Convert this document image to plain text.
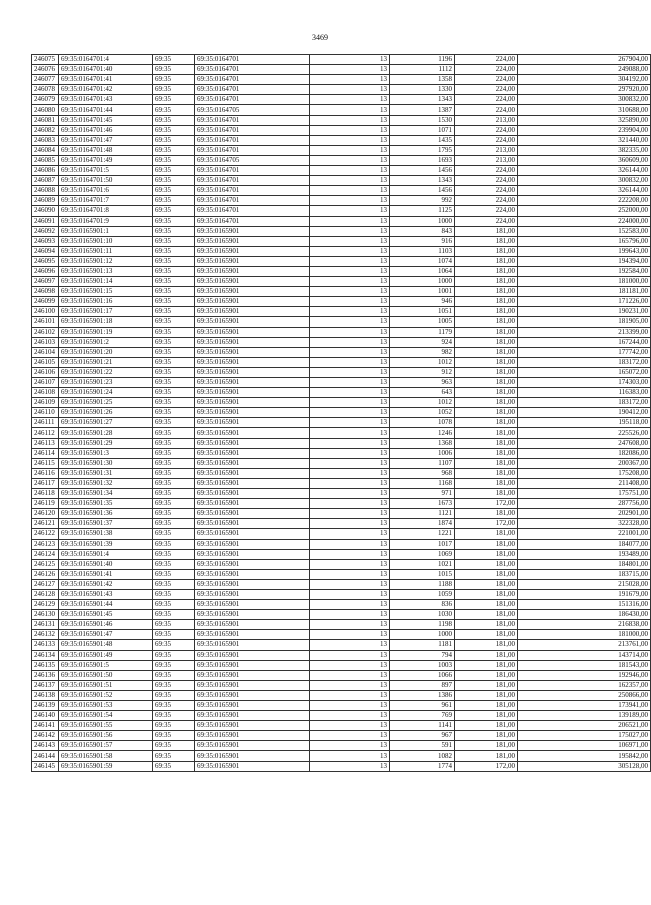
3469
246075	69:35:0164701:4	69:35	69:35:0164701	13	1196	224,00	267904,00
246076	69:35:0164701:40	69:35	69:35:0164701	13	1112	224,00	249088,00
246077	69:35:0164701:41	69:35	69:35:0164701	13	1358	224,00	304192,00
246078	69:35:0164701:42	69:35	69:35:0164701	13	1330	224,00	297920,00
246079	69:35:0164701:43	69:35	69:35:0164701	13	1343	224,00	300832,00
246080	69:35:0164701:44	69:35	69:35:0164705	13	1387	224,00	310688,00
246081	69:35:0164701:45	69:35	69:35:0164701	13	1530	213,00	325890,00
246082	69:35:0164701:46	69:35	69:35:0164701	13	1071	224,00	239904,00
246083	69:35:0164701:47	69:35	69:35:0164701	13	1435	224,00	321440,00
246084	69:35:0164701:48	69:35	69:35:0164701	13	1795	213,00	382335,00
246085	69:35:0164701:49	69:35	69:35:0164705	13	1693	213,00	360609,00
246086	69:35:0164701:5	69:35	69:35:0164701	13	1456	224,00	326144,00
246087	69:35:0164701:50	69:35	69:35:0164701	13	1343	224,00	300832,00
246088	69:35:0164701:6	69:35	69:35:0164701	13	1456	224,00	326144,00
246089	69:35:0164701:7	69:35	69:35:0164701	13	992	224,00	222208,00
246090	69:35:0164701:8	69:35	69:35:0164701	13	1125	224,00	252000,00
246091	69:35:0164701:9	69:35	69:35:0164701	13	1000	224,00	224000,00
246092	69:35:0165901:1	69:35	69:35:0165901	13	843	181,00	152583,00
246093	69:35:0165901:10	69:35	69:35:0165901	13	916	181,00	165796,00
246094	69:35:0165901:11	69:35	69:35:0165901	13	1103	181,00	199643,00
246095	69:35:0165901:12	69:35	69:35:0165901	13	1074	181,00	194394,00
246096	69:35:0165901:13	69:35	69:35:0165901	13	1064	181,00	192584,00
246097	69:35:0165901:14	69:35	69:35:0165901	13	1000	181,00	181000,00
246098	69:35:0165901:15	69:35	69:35:0165901	13	1001	181,00	181181,00
246099	69:35:0165901:16	69:35	69:35:0165901	13	946	181,00	171226,00
246100	69:35:0165901:17	69:35	69:35:0165901	13	1051	181,00	190231,00
246101	69:35:0165901:18	69:35	69:35:0165901	13	1005	181,00	181905,00
246102	69:35:0165901:19	69:35	69:35:0165901	13	1179	181,00	213399,00
246103	69:35:0165901:2	69:35	69:35:0165901	13	924	181,00	167244,00
246104	69:35:0165901:20	69:35	69:35:0165901	13	982	181,00	177742,00
246105	69:35:0165901:21	69:35	69:35:0165901	13	1012	181,00	183172,00
246106	69:35:0165901:22	69:35	69:35:0165901	13	912	181,00	165072,00
246107	69:35:0165901:23	69:35	69:35:0165901	13	963	181,00	174303,00
246108	69:35:0165901:24	69:35	69:35:0165901	13	643	181,00	116383,00
246109	69:35:0165901:25	69:35	69:35:0165901	13	1012	181,00	183172,00
246110	69:35:0165901:26	69:35	69:35:0165901	13	1052	181,00	190412,00
246111	69:35:0165901:27	69:35	69:35:0165901	13	1078	181,00	195118,00
246112	69:35:0165901:28	69:35	69:35:0165901	13	1246	181,00	225526,00
246113	69:35:0165901:29	69:35	69:35:0165901	13	1368	181,00	247608,00
246114	69:35:0165901:3	69:35	69:35:0165901	13	1006	181,00	182086,00
246115	69:35:0165901:30	69:35	69:35:0165901	13	1107	181,00	200367,00
246116	69:35:0165901:31	69:35	69:35:0165901	13	968	181,00	175208,00
246117	69:35:0165901:32	69:35	69:35:0165901	13	1168	181,00	211408,00
246118	69:35:0165901:34	69:35	69:35:0165901	13	971	181,00	175751,00
246119	69:35:0165901:35	69:35	69:35:0165901	13	1673	172,00	287756,00
246120	69:35:0165901:36	69:35	69:35:0165901	13	1121	181,00	202901,00
246121	69:35:0165901:37	69:35	69:35:0165901	13	1874	172,00	322328,00
246122	69:35:0165901:38	69:35	69:35:0165901	13	1221	181,00	221001,00
246123	69:35:0165901:39	69:35	69:35:0165901	13	1017	181,00	184077,00
246124	69:35:0165901:4	69:35	69:35:0165901	13	1069	181,00	193489,00
246125	69:35:0165901:40	69:35	69:35:0165901	13	1021	181,00	184801,00
246126	69:35:0165901:41	69:35	69:35:0165901	13	1015	181,00	183715,00
246127	69:35:0165901:42	69:35	69:35:0165901	13	1188	181,00	215028,00
246128	69:35:0165901:43	69:35	69:35:0165901	13	1059	181,00	191679,00
246129	69:35:0165901:44	69:35	69:35:0165901	13	836	181,00	151316,00
246130	69:35:0165901:45	69:35	69:35:0165901	13	1030	181,00	186430,00
246131	69:35:0165901:46	69:35	69:35:0165901	13	1198	181,00	216838,00
246132	69:35:0165901:47	69:35	69:35:0165901	13	1000	181,00	181000,00
246133	69:35:0165901:48	69:35	69:35:0165901	13	1181	181,00	213761,00
246134	69:35:0165901:49	69:35	69:35:0165901	13	794	181,00	143714,00
246135	69:35:0165901:5	69:35	69:35:0165901	13	1003	181,00	181543,00
246136	69:35:0165901:50	69:35	69:35:0165901	13	1066	181,00	192946,00
246137	69:35:0165901:51	69:35	69:35:0165901	13	897	181,00	162357,00
246138	69:35:0165901:52	69:35	69:35:0165901	13	1386	181,00	250866,00
246139	69:35:0165901:53	69:35	69:35:0165901	13	961	181,00	173941,00
246140	69:35:0165901:54	69:35	69:35:0165901	13	769	181,00	139189,00
246141	69:35:0165901:55	69:35	69:35:0165901	13	1141	181,00	206521,00
246142	69:35:0165901:56	69:35	69:35:0165901	13	967	181,00	175027,00
246143	69:35:0165901:57	69:35	69:35:0165901	13	591	181,00	106971,00
246144	69:35:0165901:58	69:35	69:35:0165901	13	1082	181,00	195842,00
246145	69:35:0165901:59	69:35	69:35:0165901	13	1774	172,00	305128,00
